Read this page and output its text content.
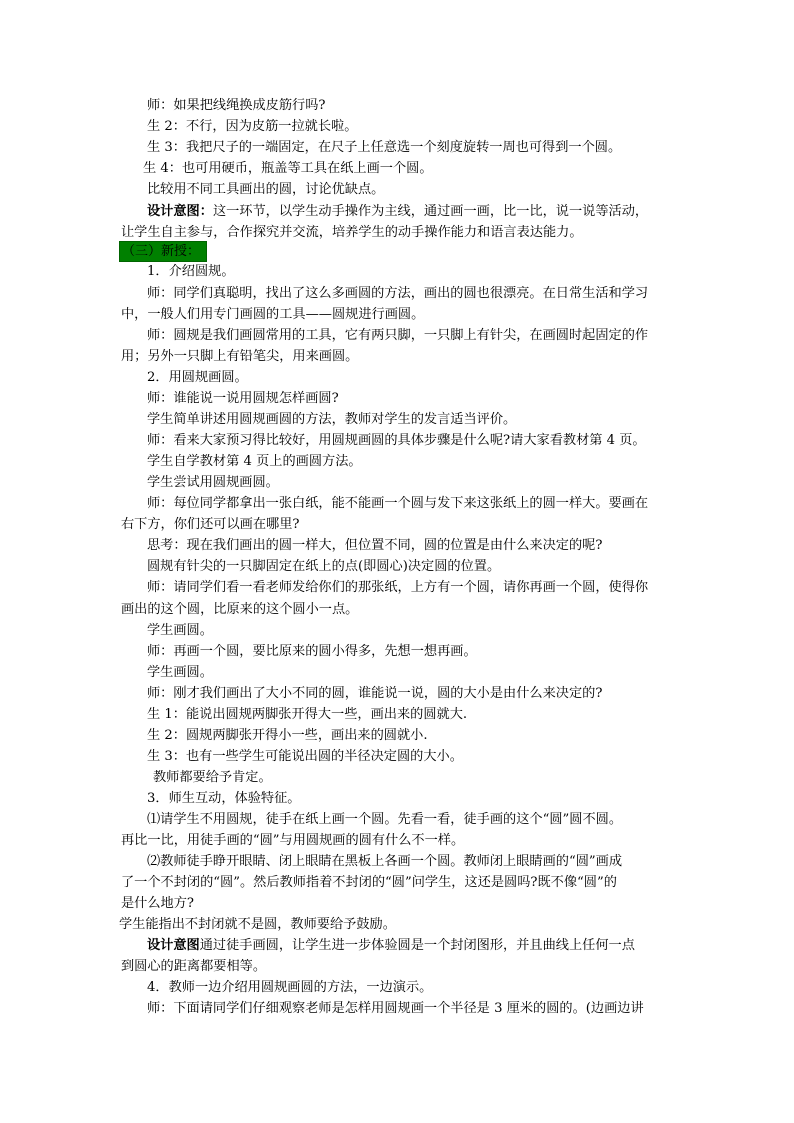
师：如果把线绳换成皮筋行吗?
生 2：不行，因为皮筋一拉就长啦。
生 3：我把尺子的一端固定，在尺子上任意选一个刻度旋转一周也可得到一个圆。
生 4：也可用硬币，瓶盖等工具在纸上画一个圆。
比较用不同工具画出的圆，讨论优缺点。
设计意图：这一环节，以学生动手操作为主线，通过画一画，比一比，说一说等活动，
让学生自主参与，合作探究并交流，培养学生的动手操作能力和语言表达能力。
（三）新授：
1．介绍圆规。
师：同学们真聪明，找出了这么多画圆的方法，画出的圆也很漂亮。在日常生活和学习
中，一般人们用专门画圆的工具——圆规进行画圆。
师：圆规是我们画圆常用的工具，它有两只脚，一只脚上有针尖，在画圆时起固定的作
用；另外一只脚上有铅笔尖，用来画圆。
2．用圆规画圆。
师：谁能说一说用圆规怎样画圆?
学生简单讲述用圆规画圆的方法，教师对学生的发言适当评价。
师：看来大家预习得比较好，用圆规画圆的具体步骤是什么呢?请大家看教材第 4 页。
学生自学教材第 4 页上的画圆方法。
学生尝试用圆规画圆。
师：每位同学都拿出一张白纸，能不能画一个圆与发下来这张纸上的圆一样大。要画在
右下方，你们还可以画在哪里?
思考：现在我们画出的圆一样大，但位置不同，圆的位置是由什么来决定的呢?
圆规有针尖的一只脚固定在纸上的点(即圆心)决定圆的位置。
师：请同学们看一看老师发给你们的那张纸，上方有一个圆，请你再画一个圆，使得你
画出的这个圆，比原来的这个圆小一点。
学生画圆。
师：再画一个圆，要比原来的圆小得多，先想一想再画。
学生画圆。
师：刚才我们画出了大小不同的圆，谁能说一说，圆的大小是由什么来决定的?
生 1：能说出圆规两脚张开得大一些，画出来的圆就大.
生 2：圆规两脚张开得小一些，画出来的圆就小.
生 3：也有一些学生可能说出圆的半径决定圆的大小。
教师都要给予肯定。
3．师生互动，体验特征。
⑴请学生不用圆规，徒手在纸上画一个圆。先看一看，徒手画的这个“圆”圆不圆。
再比一比，用徒手画的“圆”与用圆规画的圆有什么不一样。
⑵教师徒手睁开眼睛、闭上眼睛在黑板上各画一个圆。教师闭上眼睛画的“圆”画成
了一个不封闭的“圆”。然后教师指着不封闭的“圆”问学生，这还是圆吗?既不像“圆”的
是什么地方?
学生能指出不封闭就不是圆，教师要给予鼓励。
设计意图通过徒手画圆，让学生进一步体验圆是一个封闭图形，并且曲线上任何一点
到圆心的距离都要相等。
4．教师一边介绍用圆规画圆的方法，一边演示。
师：下面请同学们仔细观察老师是怎样用圆规画一个半径是 3 厘米的圆的。(边画边讲
